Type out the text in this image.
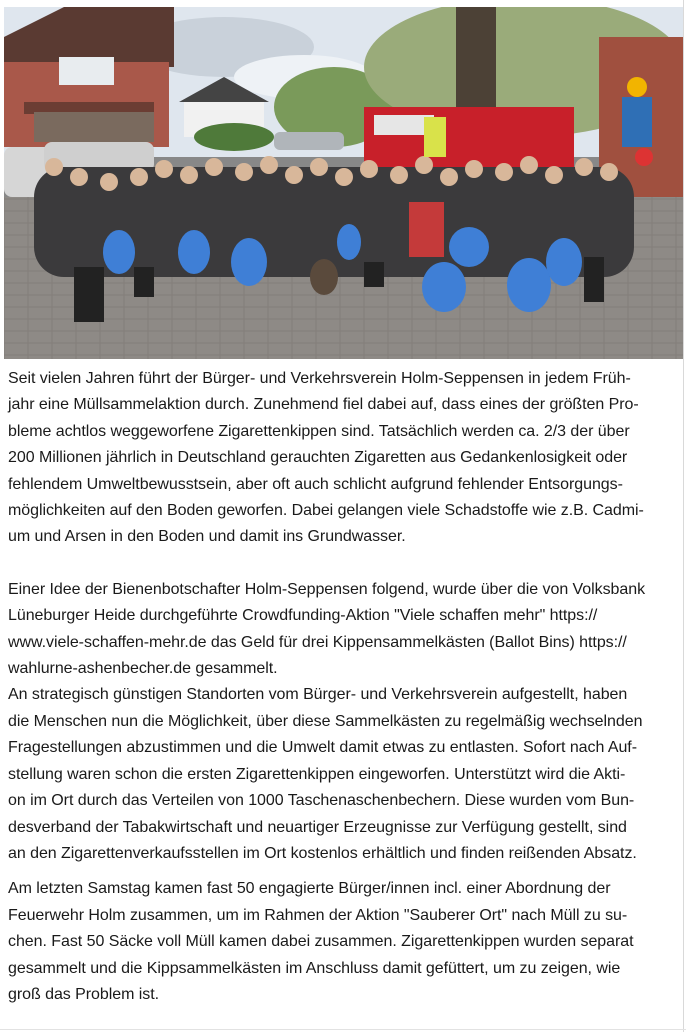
Seit vielen Jahren führt der Bürger- und Verkehrsverein Holm-Seppensen in jedem Früh-

jahr eine Müllsammelaktion durch. Zunehmend fiel dabei auf, dass eines der größten Pro-

bleme achtlos weggeworfene Zigarettenkippen sind. Tatsächlich werden ca. 2/3 der über

200 Millionen jährlich in Deutschland gerauchten Zigaretten aus Gedankenlosigkeit oder

fehlendem Umweltbewusstsein, aber oft auch schlicht aufgrund fehlender Entsorgungs-

möglichkeiten auf den Boden geworfen. Dabei gelangen viele Schadstoffe wie z.B. Cadmi-

um und Arsen in den Boden und damit ins Grundwasser.

Einer Idee der Bienenbotschafter Holm-Seppensen folgend, wurde über die von Volksbank

Lüneburger Heide durchgeführte Crowdfunding-Aktion "Viele schaffen mehr" https://

www.viele-schaffen-mehr.de das Geld für drei Kippensammelkästen (Ballot Bins) https://

wahlurne-ashenbecher.de gesammelt.

An strategisch günstigen Standorten vom Bürger- und Verkehrsverein aufgestellt, haben

die Menschen nun die Möglichkeit, über diese Sammelkästen zu regelmäßig wechselnden

Fragestellungen abzustimmen und die Umwelt damit etwas zu entlasten. Sofort nach Auf-

stellung waren schon die ersten Zigarettenkippen eingeworfen. Unterstützt wird die Akti-

on im Ort durch das Verteilen von 1000 Taschenaschenbechern. Diese wurden vom Bun-

desverband der Tabakwirtschaft und neuartiger Erzeugnisse zur Verfügung gestellt, sind

an den Zigarettenverkaufsstellen im Ort kostenlos erhältlich und finden reißenden Absatz.

Am letzten Samstag kamen fast 50 engagierte Bürger/innen incl. einer Abordnung der

Feuerwehr Holm zusammen, um im Rahmen der Aktion "Sauberer Ort" nach Müll zu su-

chen. Fast 50 Säcke voll Müll kamen dabei zusammen. Zigarettenkippen wurden separat

gesammelt und die Kippsammelkästen im Anschluss damit gefüttert, um zu zeigen, wie

groß das Problem ist.
